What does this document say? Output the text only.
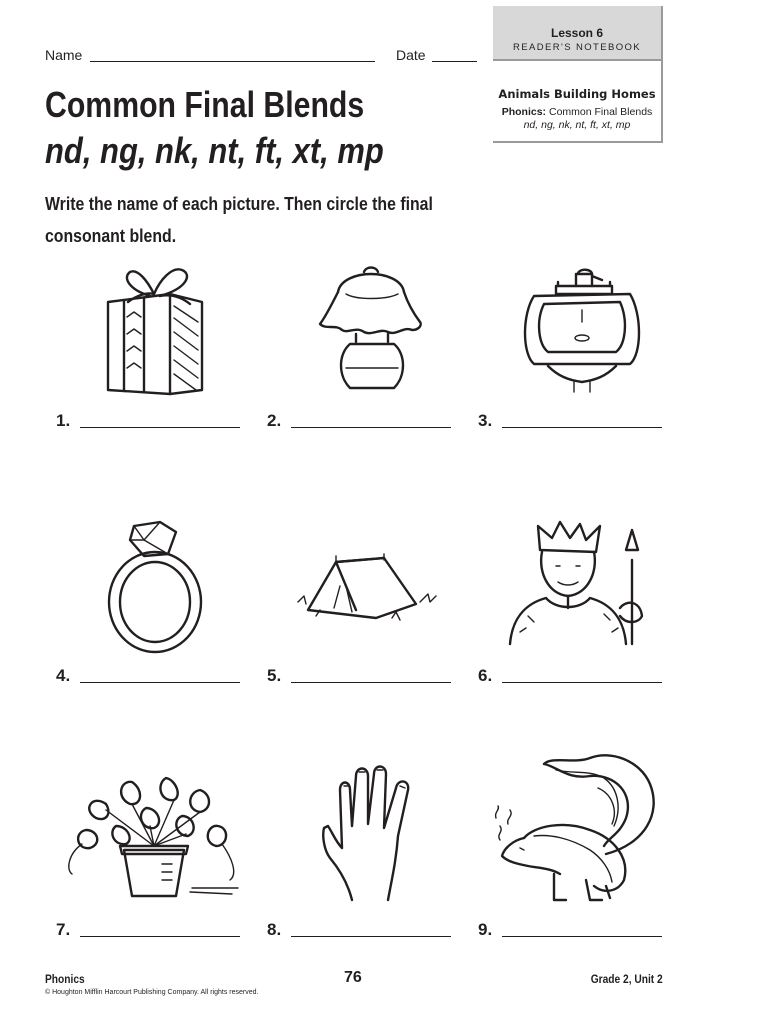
Name	Date
Lesson 6
READER'S NOTEBOOK
Animals Building Homes
Phonics: Common Final Blends
nd, ng, nk, nt, ft, xt, mp
Common Final Blends
nd, ng, nk, nt, ft, xt, mp
Write the name of each picture. Then circle the final consonant blend.
1.	2.	3.
4.	5.	6.
7.	8.	9.
Phonics	76	Grade 2, Unit 2
© Houghton Mifflin Harcourt Publishing Company. All rights reserved.
